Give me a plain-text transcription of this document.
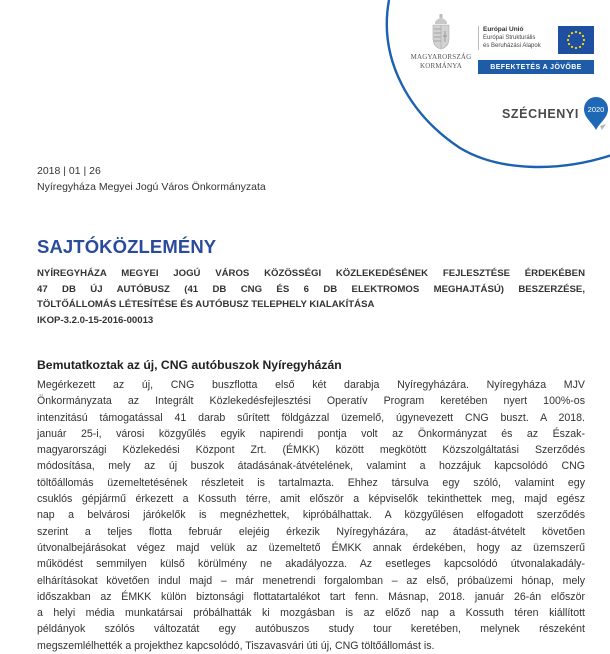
MAGYARORSZÁG
KORMÁNYA
Európai Unió
Európai Strukturális
és Beruházási Alapok
BEFEKTETÉS A JÖVŐBE
SZÉCHENYI 2020
2018 | 01 | 26
Nyíregyháza Megyei Jogú Város Önkormányzata
SAJTÓKÖZLEMÉNY
NYÍREGYHÁZA MEGYEI JOGÚ VÁROS KÖZÖSSÉGI KÖZLEKEDÉSÉNEK FEJLESZTÉSE ÉRDEKÉBEN
47 DB ÚJ AUTÓBUSZ (41 DB CNG ÉS 6 DB ELEKTROMOS MEGHAJTÁSÚ) BESZERZÉSE,
TÖLTŐÁLLOMÁS LÉTESÍTÉSE ÉS AUTÓBUSZ TELEPHELY KIALAKÍTÁSA
IKOP-3.2.0-15-2016-00013
Bemutatkoztak az új, CNG autóbuszok Nyíregyházán
Megérkezett az új, CNG buszflotta első két darabja Nyíregyházára. Nyíregyháza MJV
Önkormányzata az Integrált Közlekedésfejlesztési Operatív Program keretében nyert 100%-os
intenzitású támogatással 41 darab sűrített földgázzal üzemelő, úgynevezett CNG buszt. A 2018.
január 25-i, városi közgyűlés egyik napirendi pontja volt az Önkormányzat és az Észak-
magyarországi Közlekedési Központ Zrt. (ÉMKK) között megkötött Közszolgáltatási Szerződés
módosítása, mely az új buszok átadásának-átvételének, valamint a hozzájuk kapcsolódó CNG
töltőállomás üzemeltetésének részleteit is tartalmazta. Ehhez társulva egy szóló, valamint egy
csuklós gépjármű érkezett a Kossuth térre, amit először a képviselők tekinthettek meg, majd egész
nap a belvárosi járókelők is megnézhettek, kipróbálhattak. A közgyűlésen elfogadott szerződés
szerint a teljes flotta február elejéig érkezik Nyíregyházára, az átadást-átvételt követően
útvonalbejárásokat végez majd velük az üzemeltető ÉMKK annak érdekében, hogy az üzemszerű
működést semmilyen külső körülmény ne akadályozza. Az esetleges kapcsolódó útvonalakadály-
elhárításokat követően indul majd – már menetrendi forgalomban – az első, próbaüzemi hónap, mely
időszakban az ÉMKK külön biztonsági flottatartalékot tart fenn. Másnap, 2018. január 26-án először
a helyi média munkatársai próbálhatták ki mozgásban is az előző nap a Kossuth téren kiállított
példányok szólós változatát egy autóbuszos study tour keretében, melynek részeként
megszemlélhették a projekthez kapcsolódó, Tiszavasvári úti új, CNG töltőállomást is.
